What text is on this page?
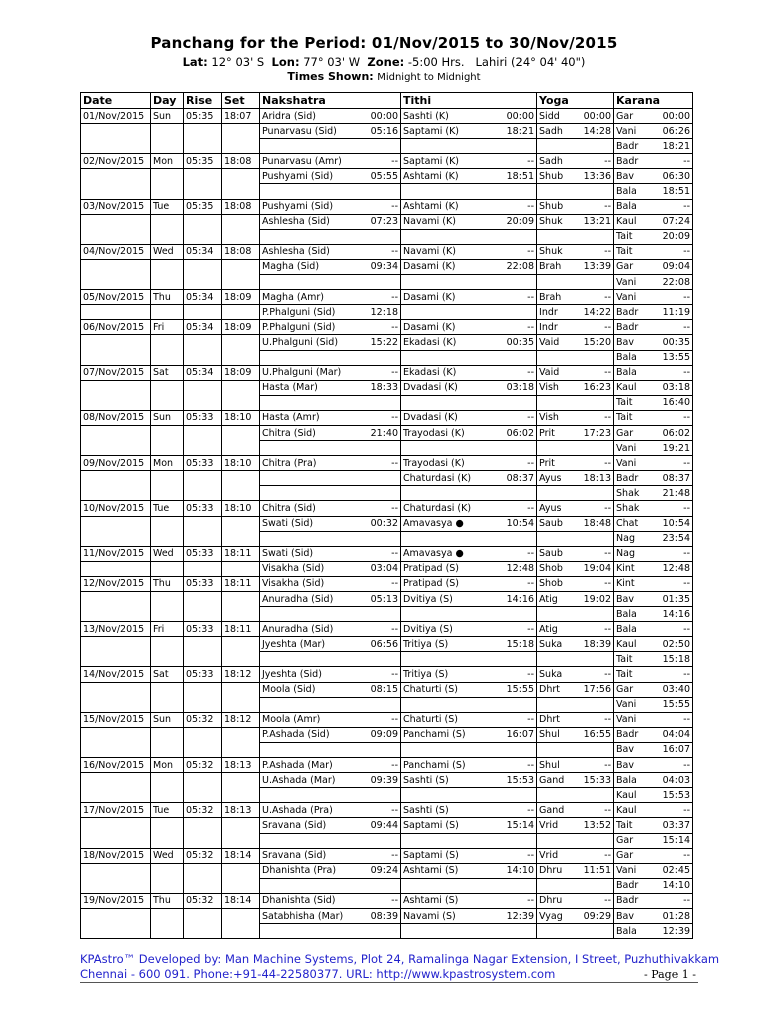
Panchang for the Period: 01/Nov/2015 to 30/Nov/2015
Lat: 12° 03' S Lon: 77° 03' W Zone: -5:00 Hrs. Lahiri (24° 04' 40")
Times Shown: Midnight to Midnight
Date	Day	Rise	Set	Nakshatra		Tithi		Yoga		Karana	
01/Nov/2015	Sun	05:35	18:07	Aridra (Sid)	00:00	Sashti (K)	00:00	Sidd	00:00	Gar	00:00
				Punarvasu (Sid)	05:16	Saptami (K)	18:21	Sadh	14:28	Vani	06:26
										Badr	18:21
02/Nov/2015	Mon	05:35	18:08	Punarvasu (Amr)	--	Saptami (K)	--	Sadh	--	Badr	--
				Pushyami (Sid)	05:55	Ashtami (K)	18:51	Shub	13:36	Bav	06:30
										Bala	18:51
03/Nov/2015	Tue	05:35	18:08	Pushyami (Sid)	--	Ashtami (K)	--	Shub	--	Bala	--
				Ashlesha (Sid)	07:23	Navami (K)	20:09	Shuk	13:21	Kaul	07:24
										Tait	20:09
04/Nov/2015	Wed	05:34	18:08	Ashlesha (Sid)	--	Navami (K)	--	Shuk	--	Tait	--
				Magha (Sid)	09:34	Dasami (K)	22:08	Brah	13:39	Gar	09:04
										Vani	22:08
05/Nov/2015	Thu	05:34	18:09	Magha (Amr)	--	Dasami (K)	--	Brah	--	Vani	--
				P.Phalguni (Sid)	12:18			Indr	14:22	Badr	11:19
06/Nov/2015	Fri	05:34	18:09	P.Phalguni (Sid)	--	Dasami (K)	--	Indr	--	Badr	--
				U.Phalguni (Sid)	15:22	Ekadasi (K)	00:35	Vaid	15:20	Bav	00:35
										Bala	13:55
07/Nov/2015	Sat	05:34	18:09	U.Phalguni (Mar)	--	Ekadasi (K)	--	Vaid	--	Bala	--
				Hasta (Mar)	18:33	Dvadasi (K)	03:18	Vish	16:23	Kaul	03:18
										Tait	16:40
08/Nov/2015	Sun	05:33	18:10	Hasta (Amr)	--	Dvadasi (K)	--	Vish	--	Tait	--
				Chitra (Sid)	21:40	Trayodasi (K)	06:02	Prit	17:23	Gar	06:02
										Vani	19:21
09/Nov/2015	Mon	05:33	18:10	Chitra (Pra)	--	Trayodasi (K)	--	Prit	--	Vani	--
						Chaturdasi (K)	08:37	Ayus	18:13	Badr	08:37
										Shak	21:48
10/Nov/2015	Tue	05:33	18:10	Chitra (Sid)	--	Chaturdasi (K)	--	Ayus	--	Shak	--
				Swati (Sid)	00:32	Amavasya ●	10:54	Saub	18:48	Chat	10:54
										Nag	23:54
11/Nov/2015	Wed	05:33	18:11	Swati (Sid)	--	Amavasya ●	--	Saub	--	Nag	--
				Visakha (Sid)	03:04	Pratipad (S)	12:48	Shob	19:04	Kint	12:48
12/Nov/2015	Thu	05:33	18:11	Visakha (Sid)	--	Pratipad (S)	--	Shob	--	Kint	--
				Anuradha (Sid)	05:13	Dvitiya (S)	14:16	Atig	19:02	Bav	01:35
										Bala	14:16
13/Nov/2015	Fri	05:33	18:11	Anuradha (Sid)	--	Dvitiya (S)	--	Atig	--	Bala	--
				Jyeshta (Mar)	06:56	Tritiya (S)	15:18	Suka	18:39	Kaul	02:50
										Tait	15:18
14/Nov/2015	Sat	05:33	18:12	Jyeshta (Sid)	--	Tritiya (S)	--	Suka	--	Tait	--
				Moola (Sid)	08:15	Chaturti (S)	15:55	Dhrt	17:56	Gar	03:40
										Vani	15:55
15/Nov/2015	Sun	05:32	18:12	Moola (Amr)	--	Chaturti (S)	--	Dhrt	--	Vani	--
				P.Ashada (Sid)	09:09	Panchami (S)	16:07	Shul	16:55	Badr	04:04
										Bav	16:07
16/Nov/2015	Mon	05:32	18:13	P.Ashada (Mar)	--	Panchami (S)	--	Shul	--	Bav	--
				U.Ashada (Mar)	09:39	Sashti (S)	15:53	Gand	15:33	Bala	04:03
										Kaul	15:53
17/Nov/2015	Tue	05:32	18:13	U.Ashada (Pra)	--	Sashti (S)	--	Gand	--	Kaul	--
				Sravana (Sid)	09:44	Saptami (S)	15:14	Vrid	13:52	Tait	03:37
										Gar	15:14
18/Nov/2015	Wed	05:32	18:14	Sravana (Sid)	--	Saptami (S)	--	Vrid	--	Gar	--
				Dhanishta (Pra)	09:24	Ashtami (S)	14:10	Dhru	11:51	Vani	02:45
										Badr	14:10
19/Nov/2015	Thu	05:32	18:14	Dhanishta (Sid)	--	Ashtami (S)	--	Dhru	--	Badr	--
				Satabhisha (Mar)	08:39	Navami (S)	12:39	Vyag	09:29	Bav	01:28
										Bala	12:39
KPAstro™ Developed by: Man Machine Systems, Plot 24, Ramalinga Nagar Extension, I Street, Puzhuthivakkam
Chennai - 600 091. Phone:+91-44-22580377. URL: http://www.kpastrosystem.com	- Page 1 -
